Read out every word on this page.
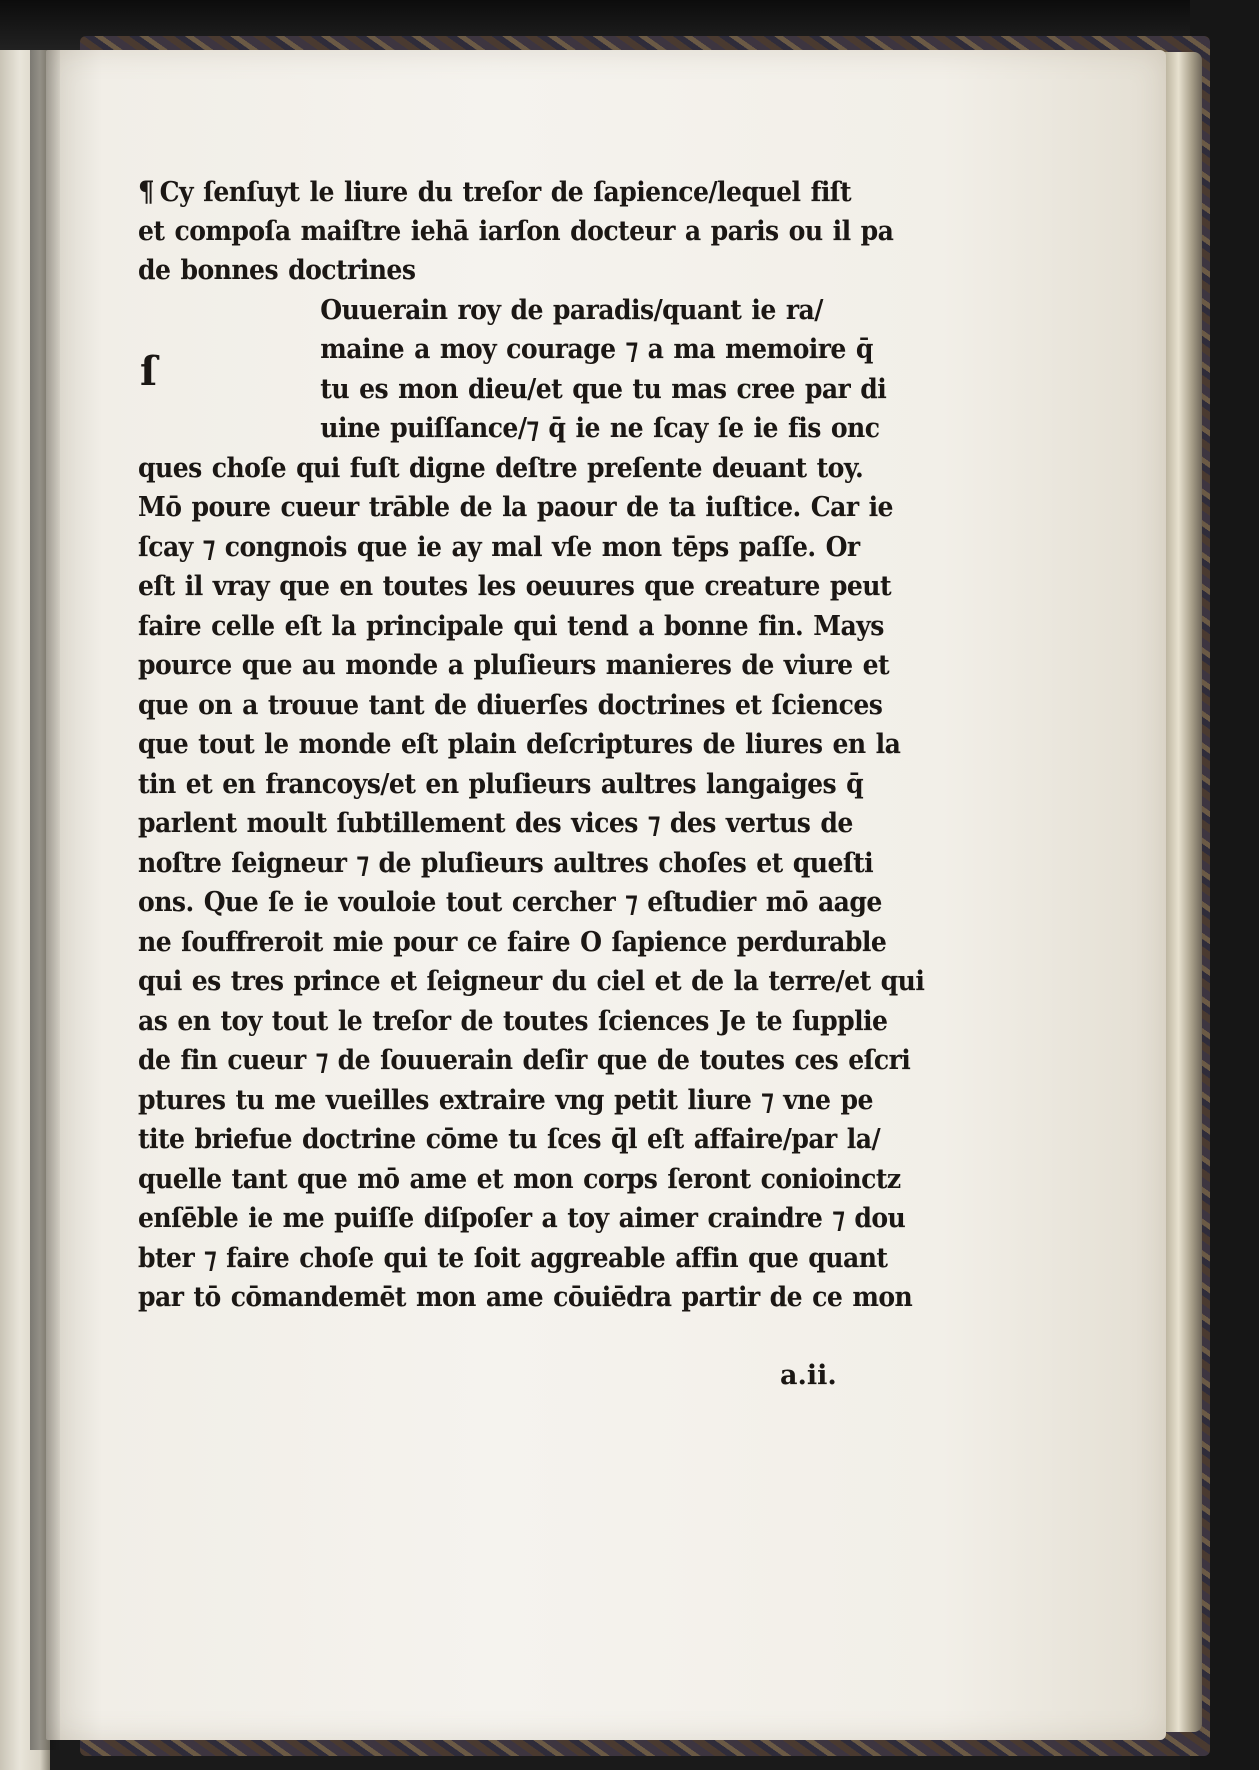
ſ
¶ Cy ſenſuyt le liure du treſor de ſapience/lequel fiſt
et compoſa maiſtre iehā iarſon docteur a paris ou il pa
de bonnes doctrines
Ouuerain roy de paradis/quant ie ra/
maine a moy courage ⁊ a ma memoire q̄
tu es mon dieu/et que tu mas cree par di
uine puiſſance/⁊ q̄ ie ne ſcay ſe ie fis onc
ques choſe qui fuſt digne deſtre preſente deuant toy.
Mō poure cueur trāble de la paour de ta iuſtice. Car ie
ſcay ⁊ congnois que ie ay mal vſe mon tēps paſſe. Or
eſt il vray que en toutes les oeuures que creature peut
faire celle eſt la principale qui tend a bonne fin. Mays
pource que au monde a pluſieurs manieres de viure et
que on a trouue tant de diuerſes doctrines et ſciences
que tout le monde eſt plain deſcriptures de liures en la
tin et en francoys/et en pluſieurs aultres langaiges q̄
parlent moult ſubtillement des vices ⁊ des vertus de
noſtre ſeigneur ⁊ de pluſieurs aultres choſes et queſti
ons. Que ſe ie vouloie tout cercher ⁊ eſtudier mō aage
ne ſouffreroit mie pour ce faire O ſapience perdurable
qui es tres prince et ſeigneur du ciel et de la terre/et qui
as en toy tout le treſor de toutes ſciences Je te ſupplie
de fin cueur ⁊ de ſouuerain deſir que de toutes ces eſcri
ptures tu me vueilles extraire vng petit liure ⁊ vne pe
tite briefue doctrine cōme tu ſces q̄l eſt affaire/par la/
quelle tant que mō ame et mon corps ſeront conioinctz
enſēble ie me puiſſe diſpoſer a toy aimer craindre ⁊ dou
bter ⁊ faire choſe qui te ſoit aggreable affin que quant
par tō cōmandemēt mon ame cōuiēdra partir de ce mon
a.ii.
